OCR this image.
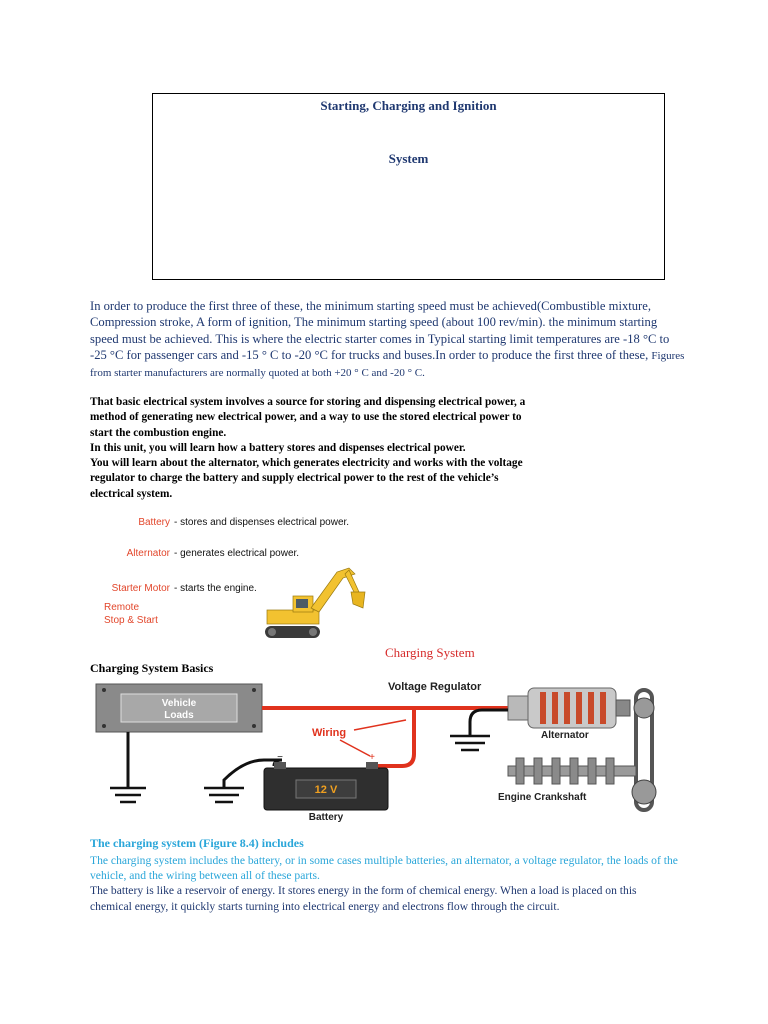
Starting, Charging and Ignition
System
In order to produce the first three of these, the minimum starting speed must be achieved(Combustible mixture, Compression stroke, A form of ignition, The minimum starting speed (about 100 rev/min). the minimum starting speed must be achieved. This is where the electric starter comes in Typical starting limit temperatures are -18 °C to -25 °C for passenger cars and -15 ° C to -20 °C for trucks and buses.In order to produce the first three of these, Figures from starter manufacturers are normally quoted at both +20 ° C and -20 ° C.

That basic electrical system involves a source for storing and dispensing electrical power, a method of generating new electrical power, and a way to use the stored electrical power to start the combustion engine.

In this unit, you will learn how a battery stores and dispenses electrical power.

You will learn about the alternator, which generates electricity and works with the voltage regulator to charge the battery and supply electrical power to the rest of the vehicle’s electrical system.

Battery - stores and dispenses electrical power.
Alternator - generates electrical power.
Starter Motor - starts the engine.
Remote
Stop & Start
Charging System
Charging System Basics
Vehicle
Loads
Wiring
−	+
12 V
Battery
Voltage Regulator
Alternator
Engine Crankshaft
The charging system (Figure 8.4) includes
The charging system includes the battery, or in some cases multiple batteries, an alternator, a voltage regulator, the loads of the vehicle, and the wiring between all of these parts.
The battery is like a reservoir of energy. It stores energy in the form of chemical energy. When a load is placed on this chemical energy, it quickly starts turning into electrical energy and electrons flow through the circuit.
